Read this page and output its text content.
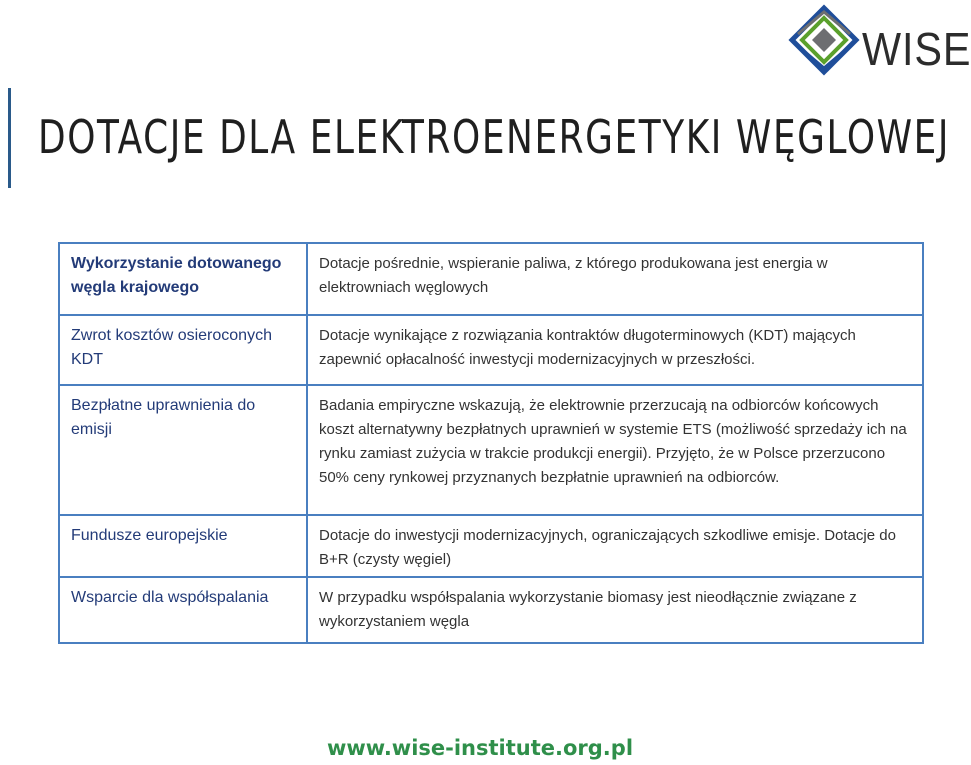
WISE
DOTACJE DLA ELEKTROENERGETYKI WĘGLOWEJ
Wykorzystanie dotowanego węgla krajowego	Dotacje pośrednie, wspieranie paliwa, z którego produkowana jest energia w elektrowniach węglowych
Zwrot kosztów osieroconych KDT	Dotacje wynikające z rozwiązania kontraktów długoterminowych (KDT) mających zapewnić opłacalność inwestycji modernizacyjnych w przeszłości.
Bezpłatne uprawnienia do emisji	Badania empiryczne wskazują, że elektrownie przerzucają na odbiorców końcowych koszt alternatywny bezpłatnych uprawnień w systemie ETS (możliwość sprzedaży ich na rynku zamiast zużycia w trakcie produkcji energii). Przyjęto, że w Polsce przerzucono 50% ceny rynkowej przyznanych bezpłatnie uprawnień na odbiorców.
Fundusze europejskie	Dotacje do inwestycji modernizacyjnych, ograniczających szkodliwe emisje. Dotacje do B+R (czysty węgiel)
Wsparcie dla współspalania	W przypadku współspalania wykorzystanie biomasy jest nieodłącznie związane z wykorzystaniem węgla
www.wise-institute.org.pl
